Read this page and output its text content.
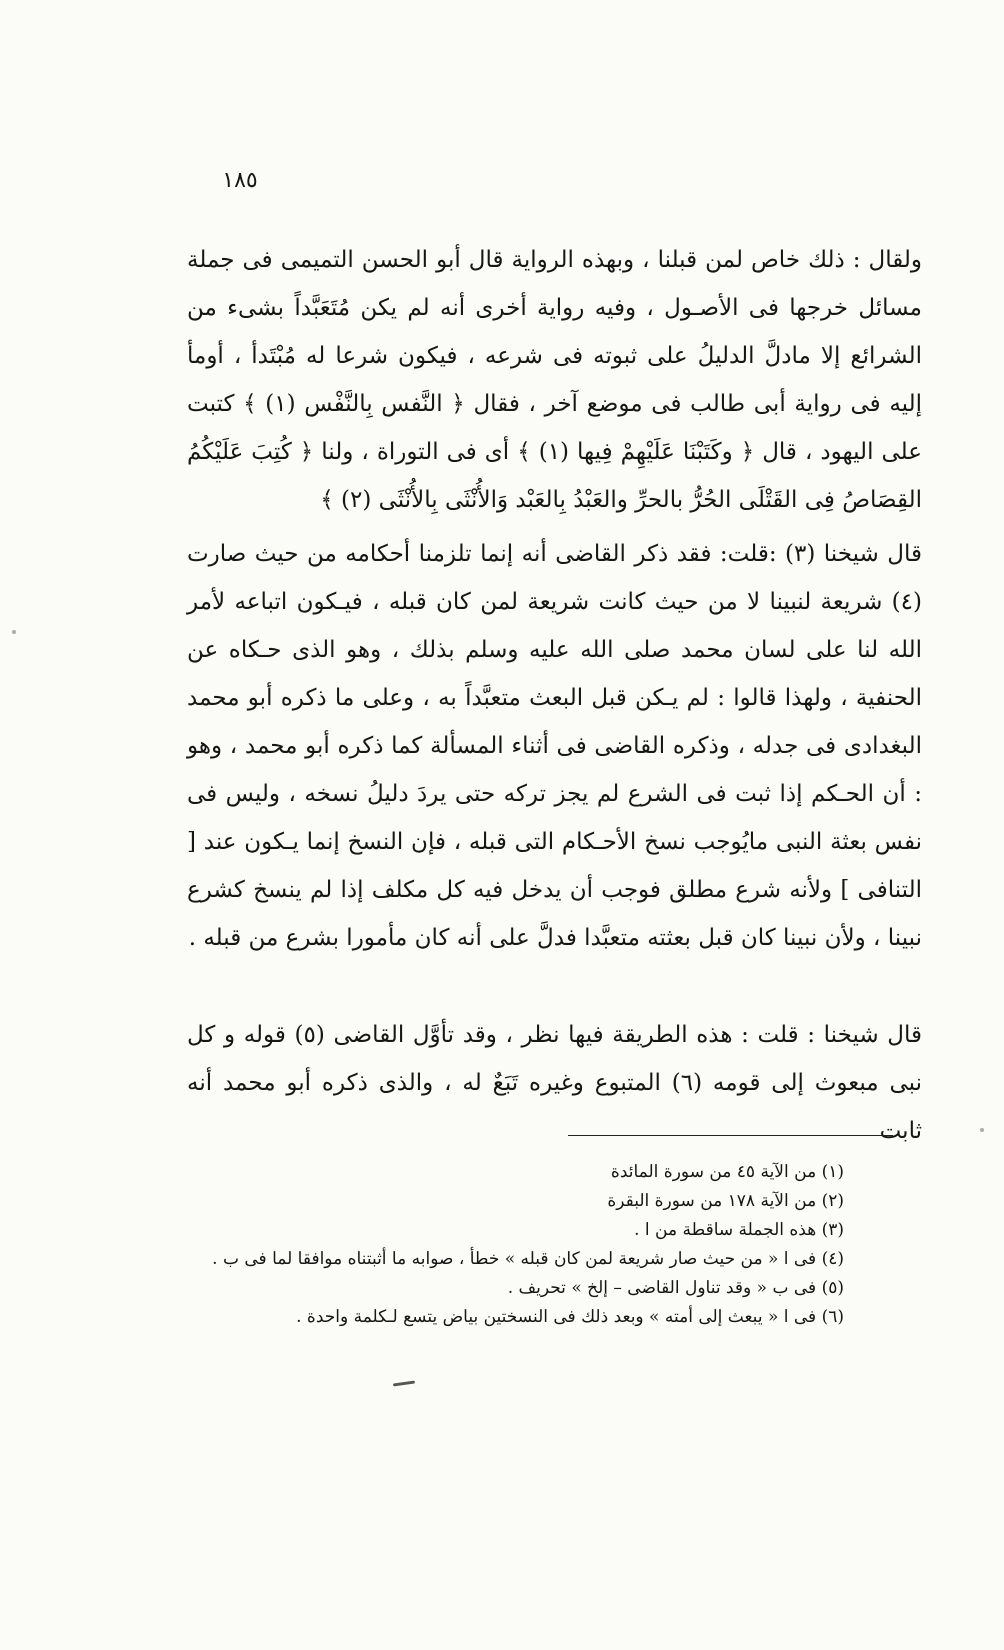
١٨٥

ولقال : ذلك خاص لمن قبلنا ، وبهذه الرواية قال أبو الحسن التميمى فى جملة مسائل خرجها فى الأصـول ، وفيه رواية أخرى أنه لم يكن مُتَعَبَّداً بشىء من الشرائع إلا مادلَّ الدليلُ على ثبوته فى شرعه ، فيكون شرعا له مُبْتَدأ ، أومأ إليه فى رواية أبى طالب فى موضع آخر ، فقال ﴿ النَّفس بِالنَّفْس (١) ﴾ كتبت على اليهود ، قال ﴿ وكَتَبْنَا عَلَيْهِمْ فِيها (١) ﴾ أى فى التوراة ، ولنا ﴿ كُتِبَ عَلَيْكُمُ القِصَاصُ فِى القَتْلَى الحُرُّ بالحرِّ والعَبْدُ بِالعَبْد وَالأُنْثَى بِالأُنْثَى (٢) ﴾

قال شيخنا (٣) :قلت: فقد ذكر القاضى أنه إنما تلزمنا أحكامه من حيث صارت (٤) شريعة لنبينا لا من حيث كانت شريعة لمن كان قبله ، فيـكون اتباعه لأمر الله لنا على لسان محمد صلى الله عليه وسلم بذلك ، وهو الذى حـكاه عن الحنفية ، ولهذا قالوا : لم يـكن قبل البعث متعبَّداً به ، وعلى ما ذكره أبو محمد البغدادى فى جدله ، وذكره القاضى فى أثناء المسألة كما ذكره أبو محمد ، وهو : أن الحـكم إذا ثبت فى الشرع لم يجز تركه حتى يردَ دليلُ نسخه ، وليس فى نفس بعثة النبى مايُوجب نسخ الأحـكام التى قبله ، فإن النسخ إنما يـكون عند [ التنافى ] ولأنه شرع مطلق فوجب أن يدخل فيه كل مكلف إذا لم ينسخ كشرع نبينا ، ولأن نبينا كان قبل بعثته متعبَّدا فدلَّ على أنه كان مأمورا بشرع من قبله .

قال شيخنا : قلت : هذه الطريقة فيها نظر ، وقد تأوَّل القاضى (٥) قوله و كل نبى مبعوث إلى قومه (٦) المتبوع وغيره تَبَعٌ له ، والذى ذكره أبو محمد أنه ثابت

(١) من الآية ٤٥ من سورة المائدة

(٢) من الآية ١٧٨ من سورة البقرة

(٣) هذه الجملة ساقطة من ا .

(٤) فى ا « من حيث صار شريعة لمن كان قبله » خطأ ، صوابه ما أثبتناه موافقا لما فى ب .

(٥) فى ب « وقد تناول القاضى – إلخ » تحريف .

(٦) فى ا « يبعث إلى أمته » وبعد ذلك فى النسختين بياض يتسع لـكلمة واحدة .
